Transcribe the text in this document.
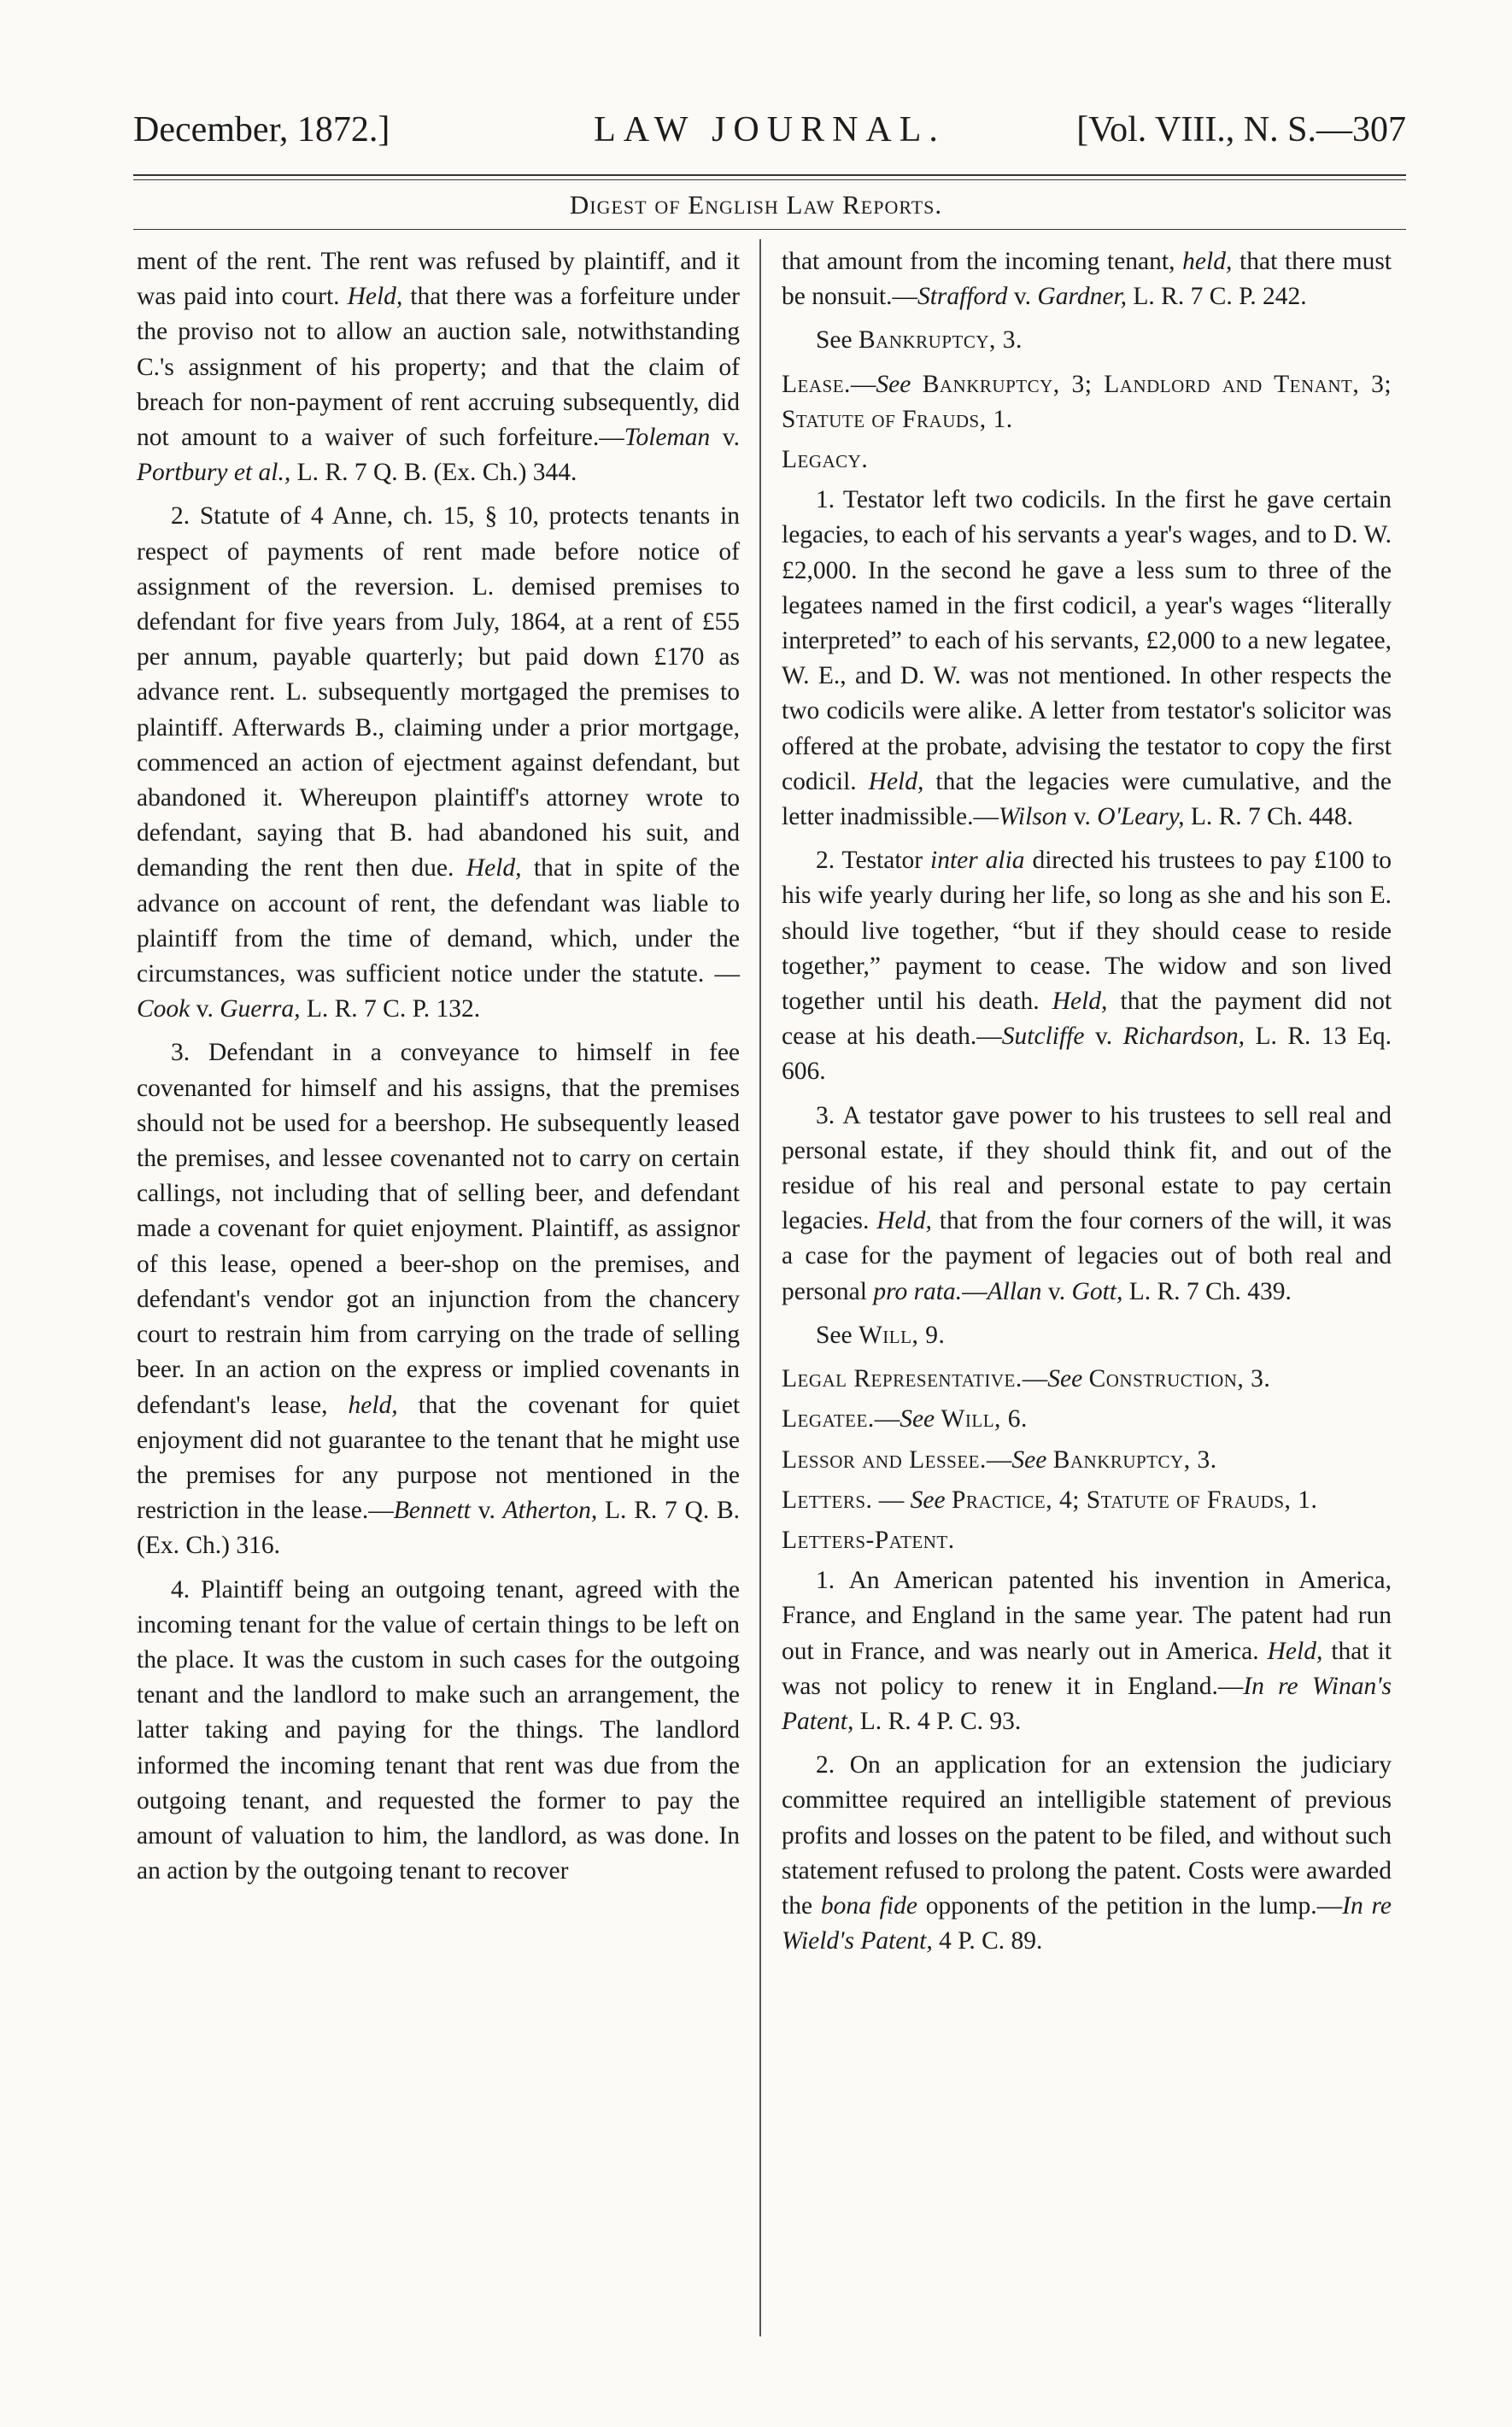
December, 1872.]	LAW JOURNAL.	[Vol. VIII., N. S.—307
Digest of English Law Reports.

ment of the rent. The rent was refused by plaintiff, and it was paid into court. Held, that there was a forfeiture under the proviso not to allow an auction sale, notwithstanding C.'s assignment of his property; and that the claim of breach for non-payment of rent accruing subsequently, did not amount to a waiver of such forfeiture.—Toleman v. Portbury et al., L. R. 7 Q. B. (Ex. Ch.) 344.

2. Statute of 4 Anne, ch. 15, § 10, protects tenants in respect of payments of rent made before notice of assignment of the reversion. L. demised premises to defendant for five years from July, 1864, at a rent of £55 per annum, payable quarterly; but paid down £170 as advance rent. L. subsequently mortgaged the premises to plaintiff. Afterwards B., claiming under a prior mortgage, commenced an action of ejectment against defendant, but abandoned it. Whereupon plaintiff's attorney wrote to defendant, saying that B. had abandoned his suit, and demanding the rent then due. Held, that in spite of the advance on account of rent, the defendant was liable to plaintiff from the time of demand, which, under the circumstances, was sufficient notice under the statute. —Cook v. Guerra, L. R. 7 C. P. 132.

3. Defendant in a conveyance to himself in fee covenanted for himself and his assigns, that the premises should not be used for a beershop. He subsequently leased the premises, and lessee covenanted not to carry on certain callings, not including that of selling beer, and defendant made a covenant for quiet enjoyment. Plaintiff, as assignor of this lease, opened a beer-shop on the premises, and defendant's vendor got an injunction from the chancery court to restrain him from carrying on the trade of selling beer. In an action on the express or implied covenants in defendant's lease, held, that the covenant for quiet enjoyment did not guarantee to the tenant that he might use the premises for any purpose not mentioned in the restriction in the lease.—Bennett v. Atherton, L. R. 7 Q. B. (Ex. Ch.) 316.

4. Plaintiff being an outgoing tenant, agreed with the incoming tenant for the value of certain things to be left on the place. It was the custom in such cases for the outgoing tenant and the landlord to make such an arrangement, the latter taking and paying for the things. The landlord informed the incoming tenant that rent was due from the outgoing tenant, and requested the former to pay the amount of valuation to him, the landlord, as was done. In an action by the outgoing tenant to recover

that amount from the incoming tenant, held, that there must be nonsuit.—Strafford v. Gardner, L. R. 7 C. P. 242.

See Bankruptcy, 3.

Lease.—See Bankruptcy, 3; Landlord and Tenant, 3; Statute of Frauds, 1.

Legacy.

1. Testator left two codicils. In the first he gave certain legacies, to each of his servants a year's wages, and to D. W. £2,000. In the second he gave a less sum to three of the legatees named in the first codicil, a year's wages “literally interpreted” to each of his servants, £2,000 to a new legatee, W. E., and D. W. was not mentioned. In other respects the two codicils were alike. A letter from testator's solicitor was offered at the probate, advising the testator to copy the first codicil. Held, that the legacies were cumulative, and the letter inadmissible.—Wilson v. O'Leary, L. R. 7 Ch. 448.

2. Testator inter alia directed his trustees to pay £100 to his wife yearly during her life, so long as she and his son E. should live together, “but if they should cease to reside together,” payment to cease. The widow and son lived together until his death. Held, that the payment did not cease at his death.—Sutcliffe v. Richardson, L. R. 13 Eq. 606.

3. A testator gave power to his trustees to sell real and personal estate, if they should think fit, and out of the residue of his real and personal estate to pay certain legacies. Held, that from the four corners of the will, it was a case for the payment of legacies out of both real and personal pro rata.—Allan v. Gott, L. R. 7 Ch. 439.

See Will, 9.

Legal Representative.—See Construction, 3.

Legatee.—See Will, 6.

Lessor and Lessee.—See Bankruptcy, 3.

Letters. — See Practice, 4; Statute of Frauds, 1.

Letters-Patent.

1. An American patented his invention in America, France, and England in the same year. The patent had run out in France, and was nearly out in America. Held, that it was not policy to renew it in England.—In re Winan's Patent, L. R. 4 P. C. 93.

2. On an application for an extension the judiciary committee required an intelligible statement of previous profits and losses on the patent to be filed, and without such statement refused to prolong the patent. Costs were awarded the bona fide opponents of the petition in the lump.—In re Wield's Patent, 4 P. C. 89.
